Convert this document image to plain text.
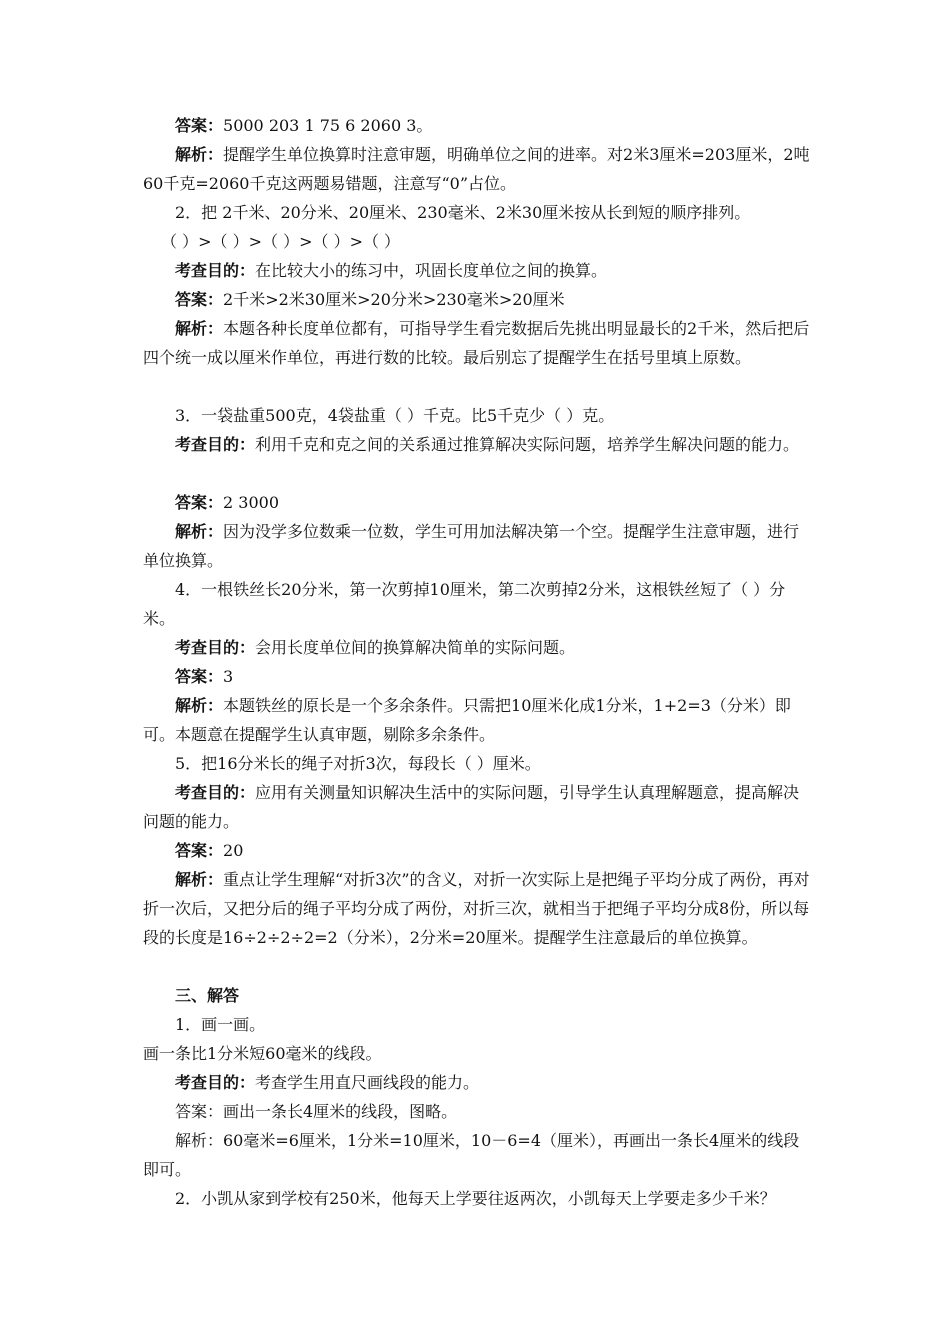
答案：5000 203 1 75 6 2060 3。
解析：提醒学生单位换算时注意审题，明确单位之间的进率。对2米3厘米=203厘米，2吨60千克=2060千克这两题易错题，注意写“0”占位。
2．把 2千米、20分米、20厘米、230毫米、2米30厘米按从长到短的顺序排列。
（ ）>（ ）>（ ）>（ ）>（ ）
考查目的：在比较大小的练习中，巩固长度单位之间的换算。
答案：2千米>2米30厘米>20分米>230毫米>20厘米
解析：本题各种长度单位都有，可指导学生看完数据后先挑出明显最长的2千米，然后把后四个统一成以厘米作单位，再进行数的比较。最后别忘了提醒学生在括号里填上原数。
3．一袋盐重500克，4袋盐重（ ）千克。比5千克少（ ）克。
考查目的：利用千克和克之间的关系通过推算解决实际问题，培养学生解决问题的能力。
答案：2 3000
解析：因为没学多位数乘一位数，学生可用加法解决第一个空。提醒学生注意审题，进行单位换算。
4．一根铁丝长20分米，第一次剪掉10厘米，第二次剪掉2分米，这根铁丝短了（ ）分米。
考查目的：会用长度单位间的换算解决简单的实际问题。
答案：3
解析：本题铁丝的原长是一个多余条件。只需把10厘米化成1分米，1+2=3（分米）即可。本题意在提醒学生认真审题，剔除多余条件。
5．把16分米长的绳子对折3次，每段长（ ）厘米。
考查目的：应用有关测量知识解决生活中的实际问题，引导学生认真理解题意，提高解决问题的能力。
答案：20
解析：重点让学生理解“对折3次”的含义，对折一次实际上是把绳子平均分成了两份，再对折一次后，又把分后的绳子平均分成了两份，对折三次，就相当于把绳子平均分成8份，所以每段的长度是16÷2÷2÷2=2（分米），2分米=20厘米。提醒学生注意最后的单位换算。
三、解答
1．画一画。
画一条比1分米短60毫米的线段。
考查目的：考查学生用直尺画线段的能力。
答案：画出一条长4厘米的线段，图略。
解析：60毫米=6厘米，1分米=10厘米，10－6=4（厘米），再画出一条长4厘米的线段即可。
2．小凯从家到学校有250米，他每天上学要往返两次，小凯每天上学要走多少千米？
